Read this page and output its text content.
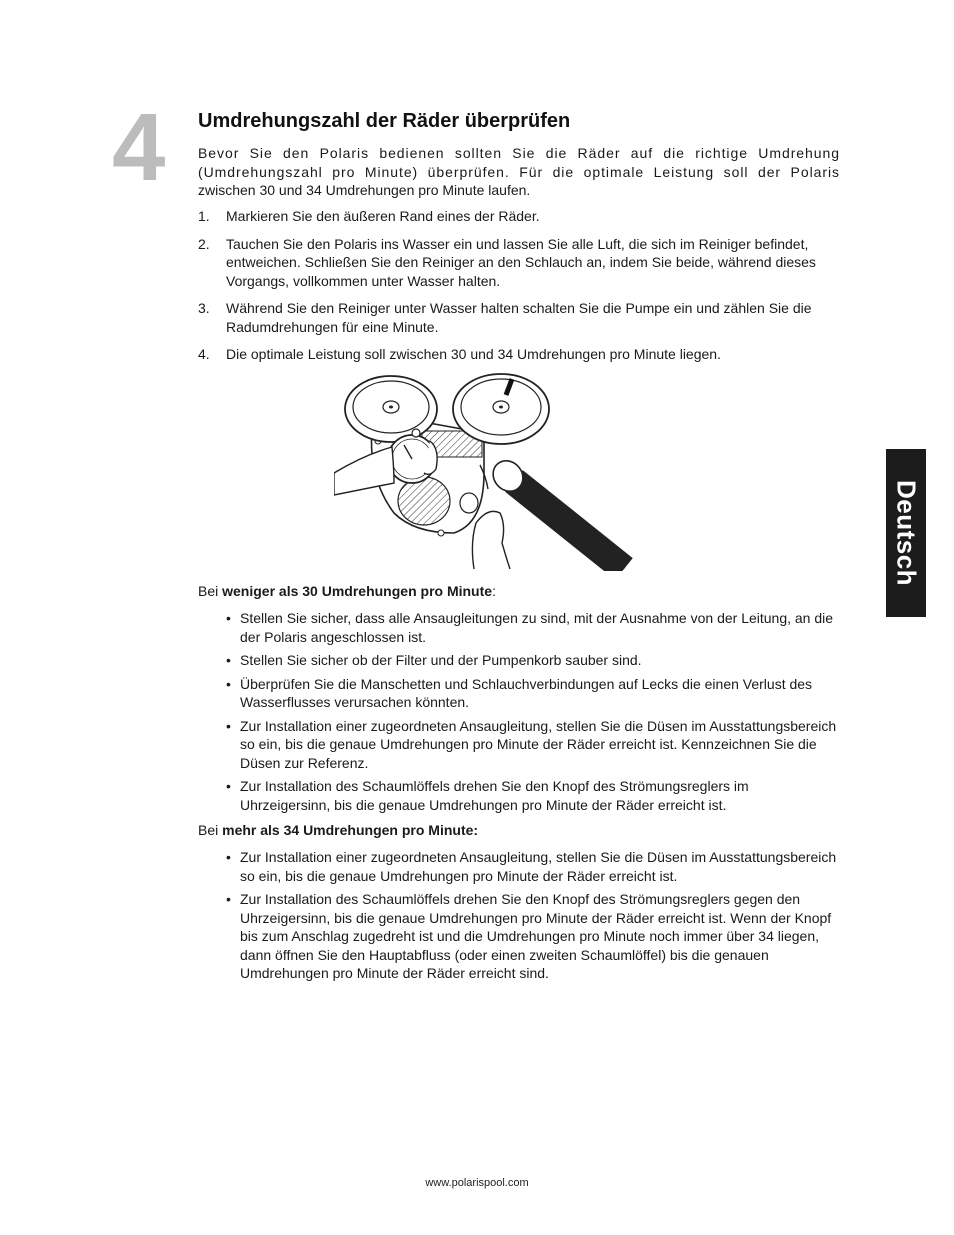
4 Umdrehungszahl der Räder überprüfen
Bevor Sie den Polaris bedienen sollten Sie die Räder auf die richtige Umdrehung (Umdrehungszahl pro Minute) überprüfen. Für die optimale Leistung soll der Polaris zwischen 30 und 34 Umdrehungen pro Minute laufen.
1. Markieren Sie den äußeren Rand eines der Räder.
2. Tauchen Sie den Polaris ins Wasser ein und lassen Sie alle Luft, die sich im Reiniger befindet, entweichen. Schließen Sie den Reiniger an den Schlauch an, indem Sie beide, während dieses Vorgangs, vollkommen unter Wasser halten.
3. Während Sie den Reiniger unter Wasser halten schalten Sie die Pumpe ein und zählen Sie die Radumdrehungen für eine Minute.
4. Die optimale Leistung soll zwischen 30 und 34 Umdrehungen pro Minute liegen.
Bei weniger als 30 Umdrehungen pro Minute:
• Stellen Sie sicher, dass alle Ansaugleitungen zu sind, mit der Ausnahme von der Leitung, an die der Polaris angeschlossen ist.
• Stellen Sie sicher ob der Filter und der Pumpenkorb sauber sind.
• Überprüfen Sie die Manschetten und Schlauchverbindungen auf Lecks die einen Verlust des Wasserflusses verursachen könnten.
• Zur Installation einer zugeordneten Ansaugleitung, stellen Sie die Düsen im Ausstattungsbereich so ein, bis die genaue Umdrehungen pro Minute der Räder erreicht ist. Kennzeichnen Sie die Düsen zur Referenz.
• Zur Installation des Schaumlöffels drehen Sie den Knopf des Strömungsreglers im Uhrzeigersinn, bis die genaue Umdrehungen pro Minute der Räder erreicht ist.
Bei mehr als 34 Umdrehungen pro Minute:
• Zur Installation einer zugeordneten Ansaugleitung, stellen Sie die Düsen im Ausstattungsbereich so ein, bis die genaue Umdrehungen pro Minute der Räder erreicht ist.
• Zur Installation des Schaumlöffels drehen Sie den Knopf des Strömungsreglers gegen den Uhrzeigersinn, bis die genaue Umdrehungen pro Minute der Räder erreicht ist. Wenn der Knopf bis zum Anschlag zugedreht ist und die Umdrehungen pro Minute noch immer über 34 liegen, dann öffnen Sie den Hauptabfluss (oder einen zweiten Schaumlöffel) bis die genauen Umdrehungen pro Minute der Räder erreicht sind.
Deutsch
www.polarispool.com
